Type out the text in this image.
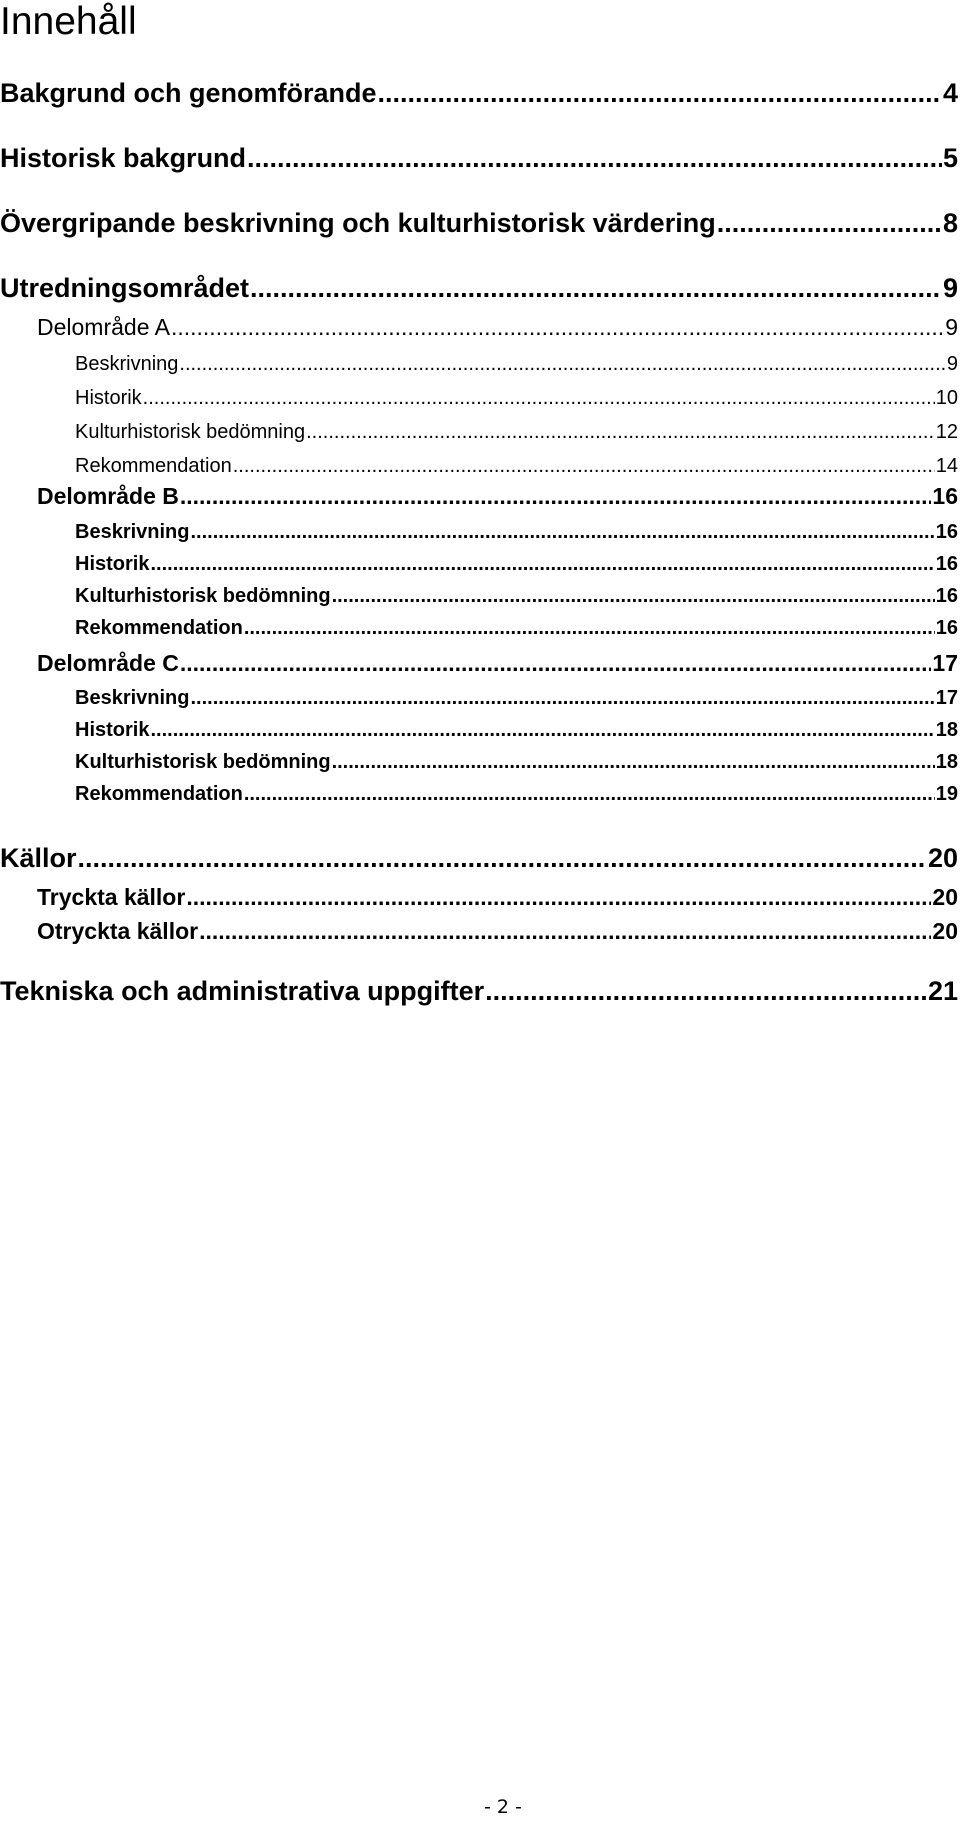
Innehåll
Bakgrund och genomförande .....	4
Historisk bakgrund .....	5
Övergripande beskrivning och kulturhistorisk värdering .....	8
Utredningsområdet .....	9
Delområde A .....	9
Beskrivning .....	9
Historik .....	10
Kulturhistorisk bedömning .....	12
Rekommendation .....	14
Delområde B .....	16
Beskrivning .....	16
Historik .....	16
Kulturhistorisk bedömning .....	16
Rekommendation .....	16
Delområde C .....	17
Beskrivning .....	17
Historik .....	18
Kulturhistorisk bedömning .....	18
Rekommendation .....	19
Källor .....	20
Tryckta källor .....	20
Otryckta källor .....	20
Tekniska och administrativa uppgifter .....	21
- 2 -
